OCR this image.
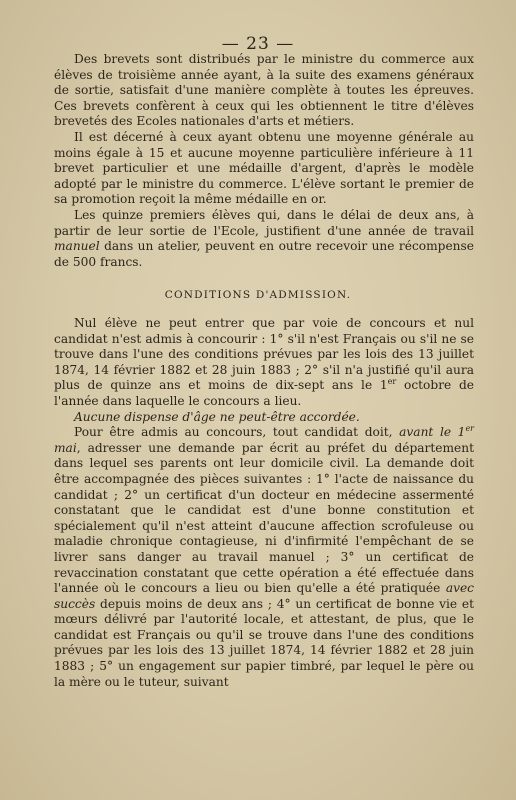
— 23 —

Des brevets sont distribués par le ministre du commerce aux élèves de troisième année ayant, à la suite des examens généraux de sortie, satisfait d'une manière complète à toutes les épreuves. Ces brevets confèrent à ceux qui les obtiennent le titre d'élèves brevetés des Ecoles nationales d'arts et métiers.

Il est décerné à ceux ayant obtenu une moyenne générale au moins égale à 15 et aucune moyenne particulière inférieure à 11 brevet particulier et une médaille d'argent, d'après le modèle adopté par le ministre du commerce. L'élève sortant le premier de sa promotion reçoit la même médaille en or.

Les quinze premiers élèves qui, dans le délai de deux ans, à partir de leur sortie de l'Ecole, justifient d'une année de travail manuel dans un atelier, peuvent en outre recevoir une récompense de 500 francs.

CONDITIONS D'ADMISSION.

Nul élève ne peut entrer que par voie de concours et nul candidat n'est admis à concourir : 1° s'il n'est Français ou s'il ne se trouve dans l'une des conditions prévues par les lois des 13 juillet 1874, 14 février 1882 et 28 juin 1883 ; 2° s'il n'a justifié qu'il aura plus de quinze ans et moins de dix-sept ans le 1er octobre de l'année dans laquelle le concours a lieu.

Aucune dispense d'âge ne peut-être accordée.

Pour être admis au concours, tout candidat doit, avant le 1er mai, adresser une demande par écrit au préfet du département dans lequel ses parents ont leur domicile civil. La demande doit être accompagnée des pièces suivantes : 1° l'acte de naissance du candidat ; 2° un certificat d'un docteur en médecine assermenté constatant que le candidat est d'une bonne constitution et spécialement qu'il n'est atteint d'aucune affection scrofuleuse ou maladie chronique contagieuse, ni d'infirmité l'empêchant de se livrer sans danger au travail manuel ; 3° un certificat de revaccination constatant que cette opération a été effectuée dans l'année où le concours a lieu ou bien qu'elle a été pratiquée avec succès depuis moins de deux ans ; 4° un certificat de bonne vie et mœurs délivré par l'autorité locale, et attestant, de plus, que le candidat est Français ou qu'il se trouve dans l'une des conditions prévues par les lois des 13 juillet 1874, 14 février 1882 et 28 juin 1883 ; 5° un engagement sur papier timbré, par lequel le père ou la mère ou le tuteur, suivant
